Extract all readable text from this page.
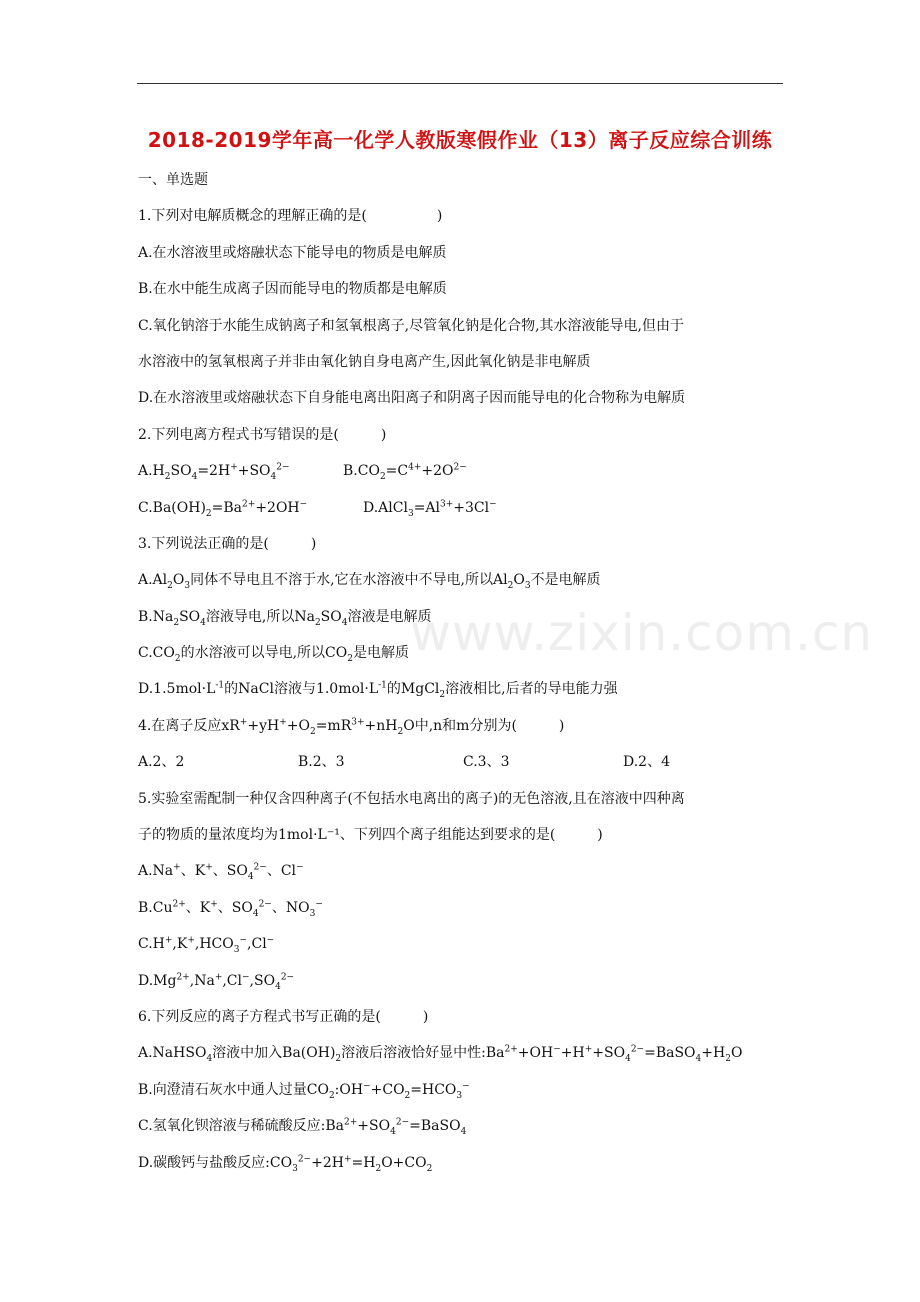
2018-2019学年高一化学人教版寒假作业（13）离子反应综合训练
www.zixin.com.cn
一、单选题
1.下列对电解质概念的理解正确的是(　　　　　)
A.在水溶液里或熔融状态下能导电的物质是电解质
B.在水中能生成离子因而能导电的物质都是电解质
C.氧化钠溶于水能生成钠离子和氢氧根离子,尽管氧化钠是化合物,其水溶液能导电,但由于
水溶液中的氢氧根离子并非由氧化钠自身电离产生,因此氧化钠是非电解质
D.在水溶液里或熔融状态下自身能电离出阳离子和阴离子因而能导电的化合物称为电解质
2.下列电离方程式书写错误的是(　　　)
$A.H_2SO_4=2H^++SO_4^{2-}$	$B.CO_2=C^{4+}+2O^{2-}$
$C.Ba(OH)_2=Ba^{2+}+2OH^-$	$D.AlCl_3=Al^{3+}+3Cl^-$
3.下列说法正确的是(　　　)
$A.Al_2O_3$同体不导电且不溶于水,它在水溶液中不导电,所以$Al_2O_3$不是电解质
$B.Na_2SO_4$溶液导电,所以$Na_2SO_4$溶液是电解质
$C.CO_2$的水溶液可以导电,所以$CO_2$是电解质
$D.1.5mol\cdot L^{-1}$的NaCl溶液与$1.0mol\cdot L^{-1}$的MgCl$_2$溶液相比,后者的导电能力强
4.在离子反应$xR^++yH^++O_2=mR^{3+}+nH_2O$中,n和m分别为(　　　)
A.2、2	B.2、3	C.3、3	D.2、4
5.实验室需配制一种仅含四种离子(不包括水电离出的离子)的无色溶液,且在溶液中四种离
子的物质的量浓度均为1mol·L⁻¹、下列四个离子组能达到要求的是(　　　)
A.Na+、K+、$SO_4^{2-}$、Cl−
$B.Cu^{2+}$、K+、$SO_4^{2-}$、$NO_3^-$
$C.H^+,K^+,HCO_3^-,Cl^-$
$D.Mg^{2+},Na^+,Cl^-,SO_4^{2-}$
6.下列反应的离子方程式书写正确的是(　　　)
A.NaHSO$_4$溶液中加入$Ba(OH)_2$溶液后溶液恰好显中性$:Ba^{2+}+OH^-+H^++SO_4^{2-}=BaSO_4+H_2O$
B.向澄清石灰水中通人过量$CO_2:OH^-+CO_2=HCO_3^-$
C.氢氧化钡溶液与稀硫酸反应$:Ba^{2+}+SO_4^{2-}=BaSO_4$
D.碳酸钙与盐酸反应$:CO_3^{2-}+2H^+=H_2O+CO_2$
